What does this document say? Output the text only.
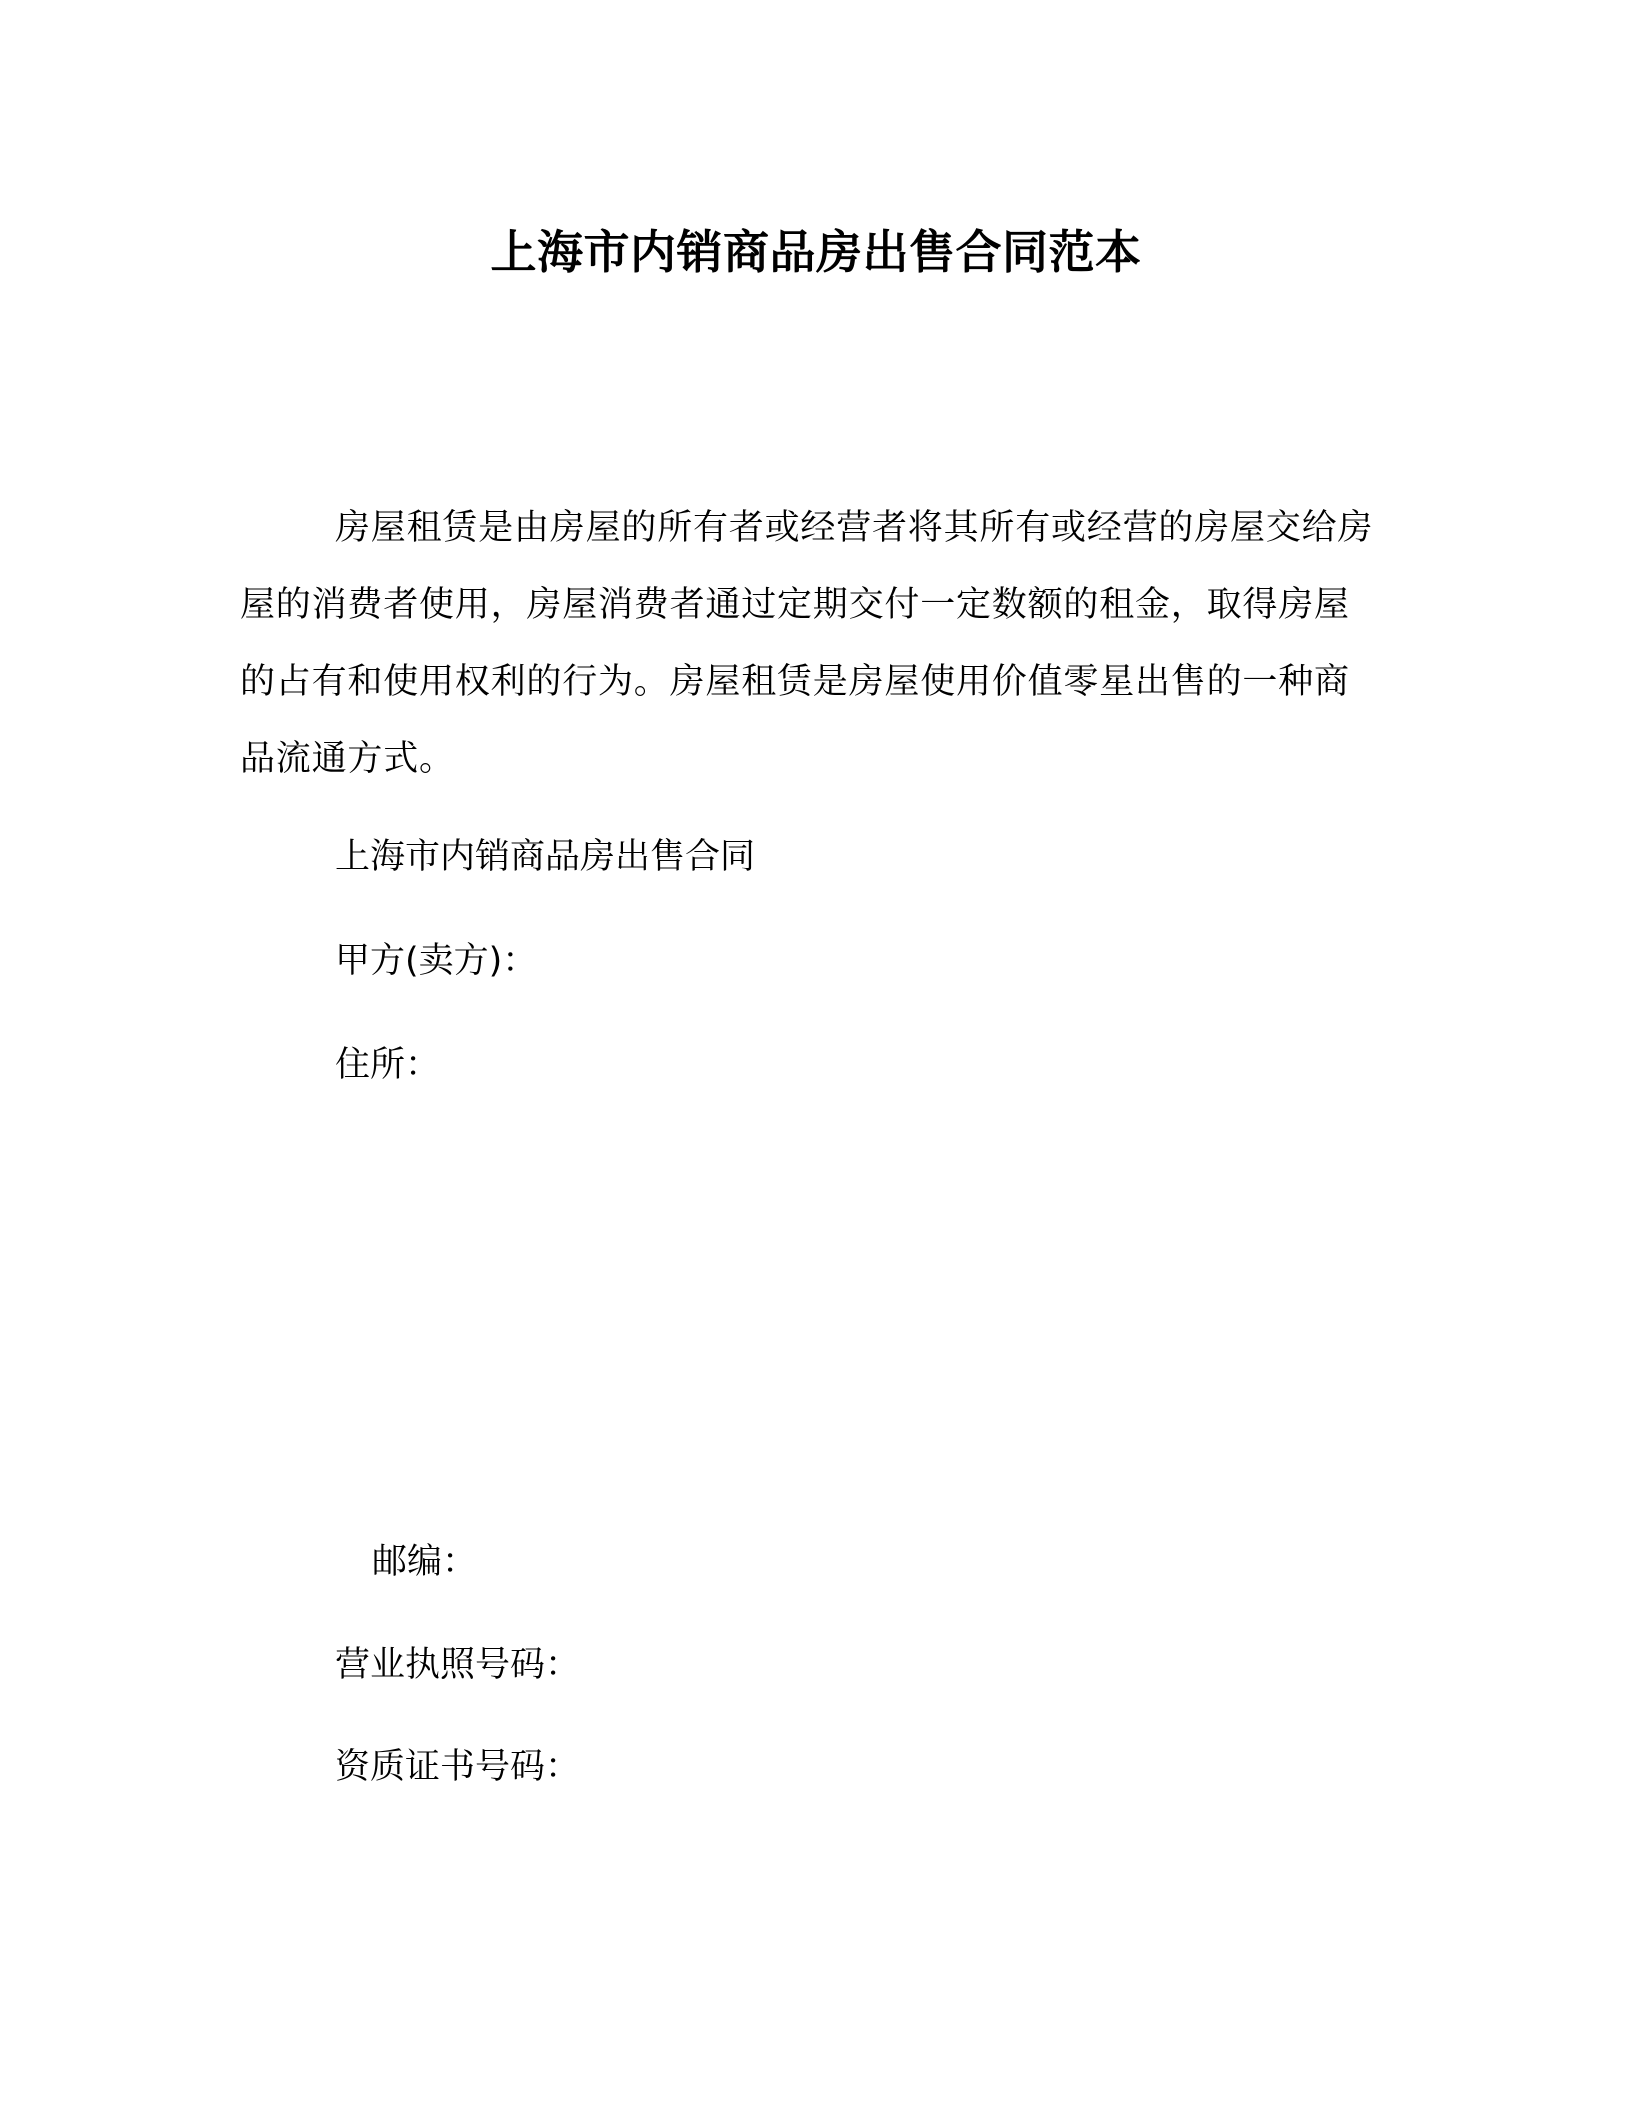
上海市内销商品房出售合同范本

房屋租赁是由房屋的所有者或经营者将其所有或经营的房屋交给房屋的消费者使用，房屋消费者通过定期交付一定数额的租金，取得房屋的占有和使用权利的行为。房屋租赁是房屋使用价值零星出售的一种商品流通方式。

上海市内销商品房出售合同

甲方(卖方)：

住所：

邮编：

营业执照号码：

资质证书号码：
